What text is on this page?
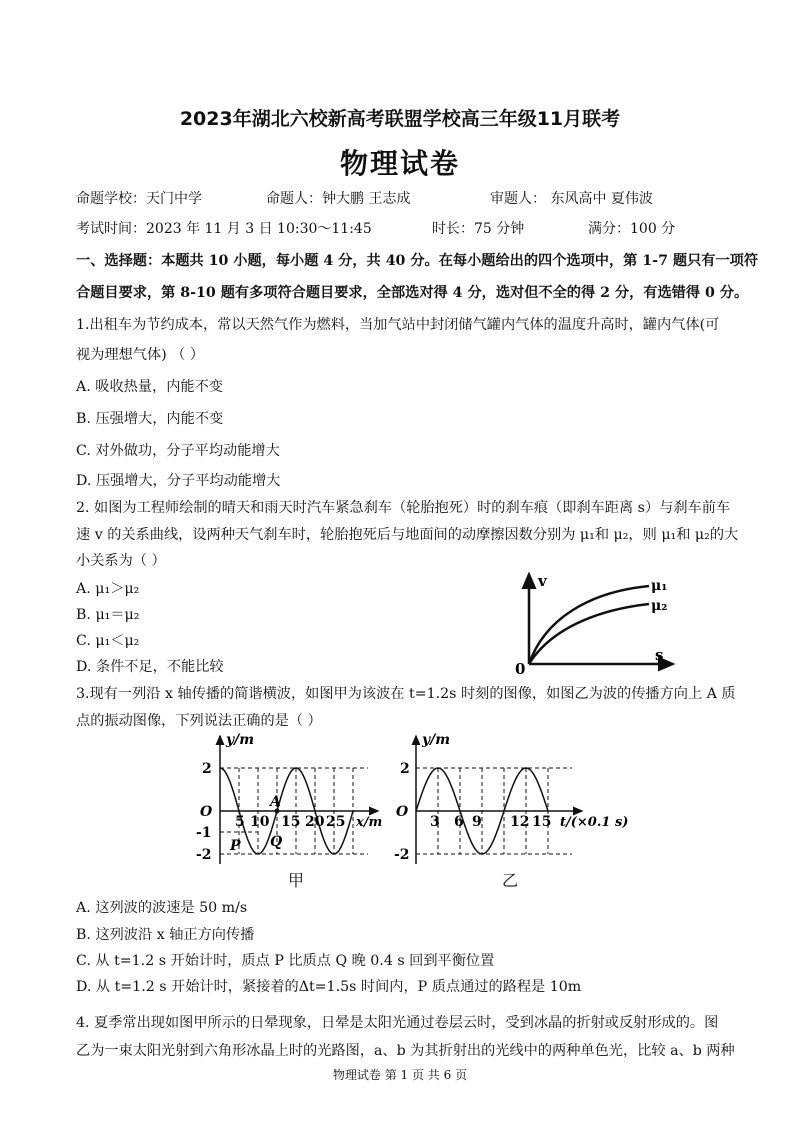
2023年湖北六校新高考联盟学校高三年级11月联考
物理试卷
命题学校：天门中学	命题人：钟大鹏 王志成	审题人： 东风高中 夏伟波
考试时间：2023 年 11 月 3 日 10:30～11:45	时长：75 分钟	满分：100 分
一、选择题：本题共 10 小题，每小题 4 分，共 40 分。在每小题给出的四个选项中，第 1-7 题只有一项符
合题目要求，第 8-10 题有多项符合题目要求，全部选对得 4 分，选对但不全的得 2 分，有选错得 0 分。
1.出租车为节约成本，常以天然气作为燃料，当加气站中封闭储气罐内气体的温度升高时，罐内气体(可
视为理想气体) （ ）
A. 吸收热量，内能不变
B. 压强增大，内能不变
C. 对外做功，分子平均动能增大
D. 压强增大，分子平均动能增大
2. 如图为工程师绘制的晴天和雨天时汽车紧急刹车（轮胎抱死）时的刹车痕（即刹车距离 s）与刹车前车
速 v 的关系曲线，设两种天气刹车时，轮胎抱死后与地面间的动摩擦因数分别为 μ₁和 μ₂，则 μ₁和 μ₂的大
小关系为（ ）
A. μ₁＞μ₂
B. μ₁＝μ₂
C. μ₁＜μ₂
D. 条件不足，不能比较
v
s
0
μ₁
μ₂
3.现有一列沿 x 轴传播的简谐横波，如图甲为该波在 t=1.2s 时刻的图像，如图乙为波的传播方向上 A 质
点的振动图像，下列说法正确的是（ ）
y/m
x/m
O
2
-1
-2
5 10 15 20 25
A
P Q
甲
y/m
t/(×0.1 s)
O
2
-2
3 6 9 12 15
乙
A. 这列波的波速是 50 m/s
B. 这列波沿 x 轴正方向传播
C. 从 t=1.2 s 开始计时，质点 P 比质点 Q 晚 0.4 s 回到平衡位置
D. 从 t=1.2 s 开始计时，紧接着的Δt=1.5s 时间内，P 质点通过的路程是 10m
4. 夏季常出现如图甲所示的日晕现象，日晕是太阳光通过卷层云时，受到冰晶的折射或反射形成的。图
乙为一束太阳光射到六角形冰晶上时的光路图，a、b 为其折射出的光线中的两种单色光，比较 a、b 两种
物理试卷 第 1 页 共 6 页
